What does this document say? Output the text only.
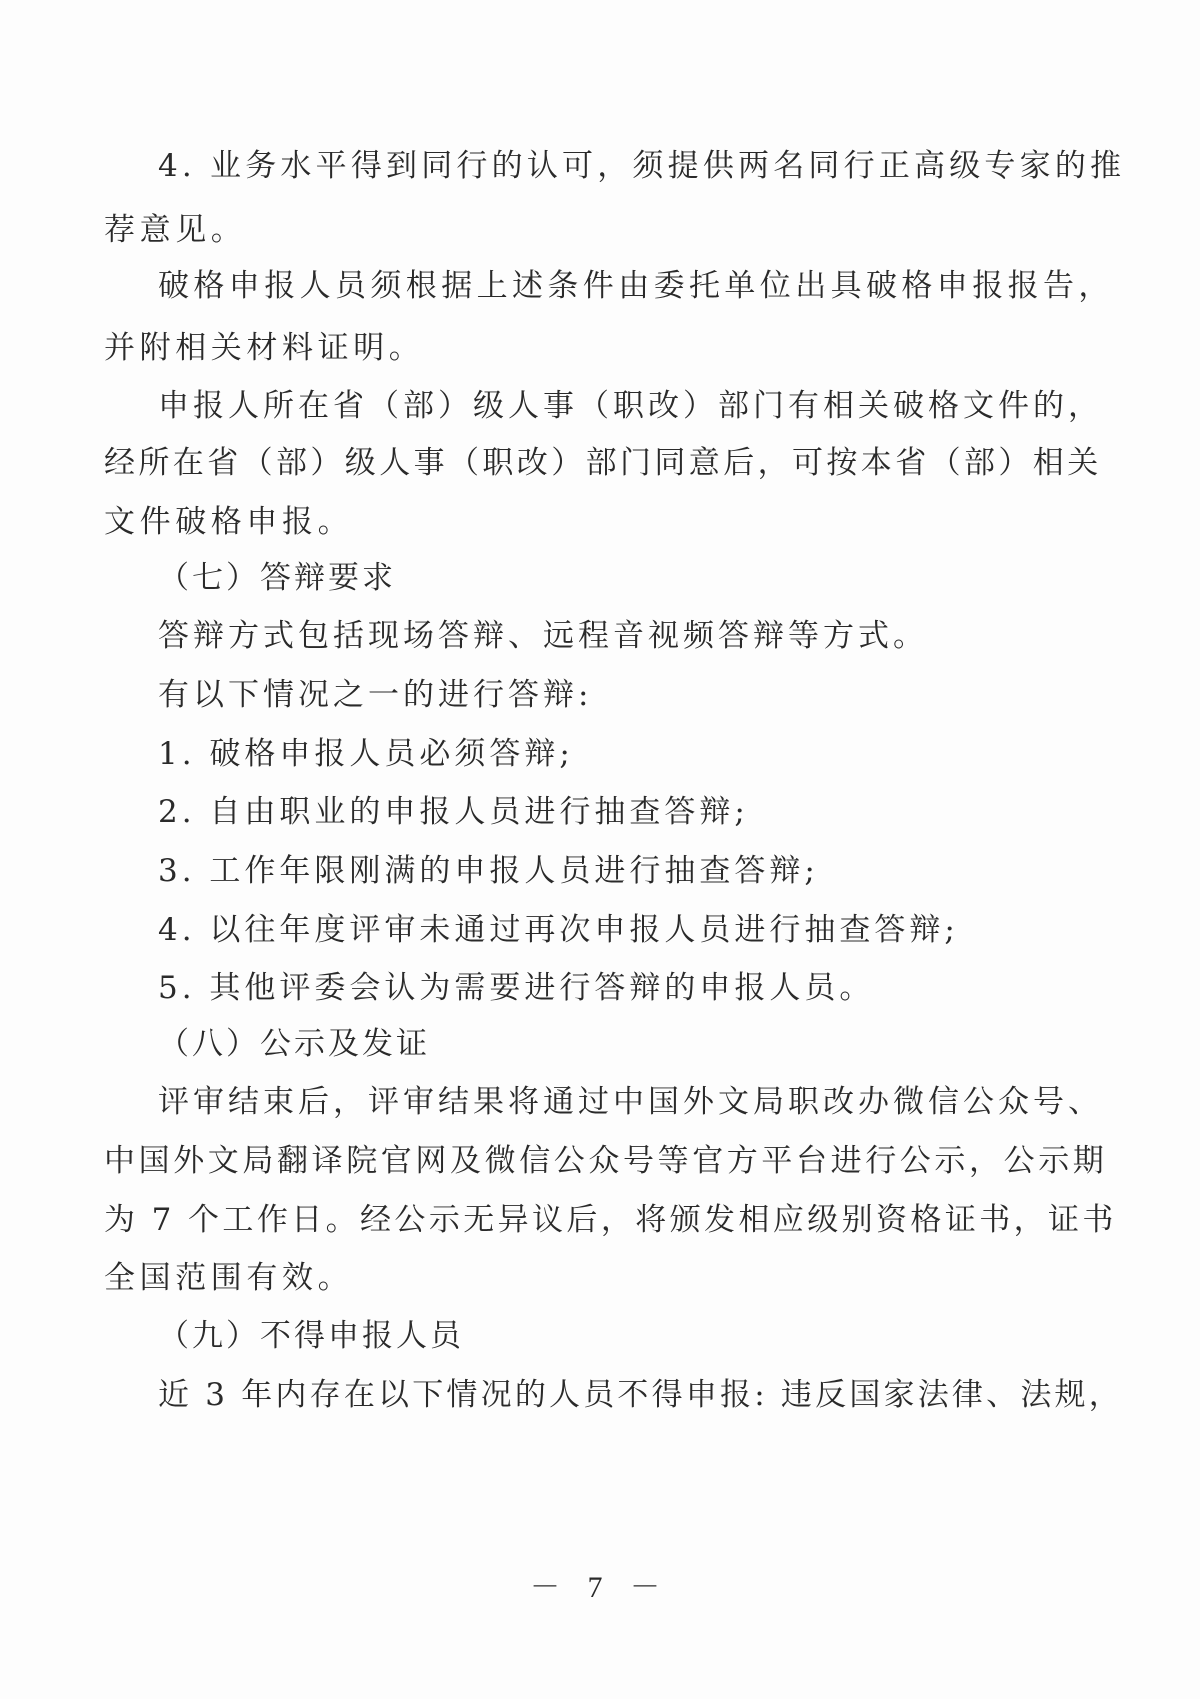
4. 业务水平得到同行的认可，须提供两名同行正高级专家的推
荐意见。
破格申报人员须根据上述条件由委托单位出具破格申报报告，
并附相关材料证明。
申报人所在省（部）级人事（职改）部门有相关破格文件的，
经所在省（部）级人事（职改）部门同意后，可按本省（部）相关
文件破格申报。
（七）答辩要求
答辩方式包括现场答辩、远程音视频答辩等方式。
有以下情况之一的进行答辩:
1. 破格申报人员必须答辩;
2. 自由职业的申报人员进行抽查答辩;
3. 工作年限刚满的申报人员进行抽查答辩;
4. 以往年度评审未通过再次申报人员进行抽查答辩;
5. 其他评委会认为需要进行答辩的申报人员。
（八）公示及发证
评审结束后，评审结果将通过中国外文局职改办微信公众号、
中国外文局翻译院官网及微信公众号等官方平台进行公示，公示期
为 7 个工作日。经公示无异议后，将颁发相应级别资格证书，证书
全国范围有效。
（九）不得申报人员
近 3 年内存在以下情况的人员不得申报: 违反国家法律、法规，
－ 7 －
